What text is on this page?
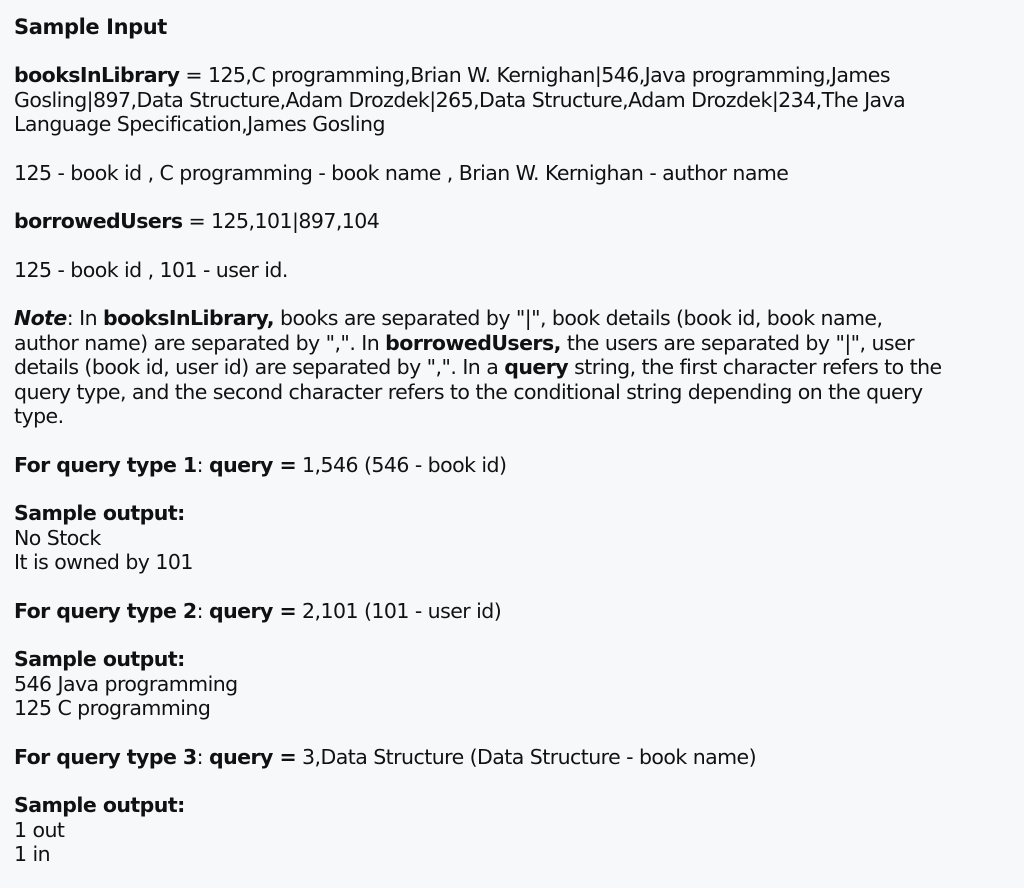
Sample Input
booksInLibrary = 125,C programming,Brian W. Kernighan|546,Java programming,James
Gosling|897,Data Structure,Adam Drozdek|265,Data Structure,Adam Drozdek|234,The Java
Language Specification,James Gosling
125 - book id , C programming - book name , Brian W. Kernighan - author name
borrowedUsers = 125,101|897,104
125 - book id , 101 - user id.
Note: In booksInLibrary, books are separated by "|", book details (book id, book name,
author name) are separated by ",". In borrowedUsers, the users are separated by "|", user
details (book id, user id) are separated by ",". In a query string, the first character refers to the
query type, and the second character refers to the conditional string depending on the query
type.
For query type 1: query = 1,546 (546 - book id)
Sample output:
No Stock
It is owned by 101
For query type 2: query = 2,101 (101 - user id)
Sample output:
546 Java programming
125 C programming
For query type 3: query = 3,Data Structure (Data Structure - book name)
Sample output:
1 out
1 in
